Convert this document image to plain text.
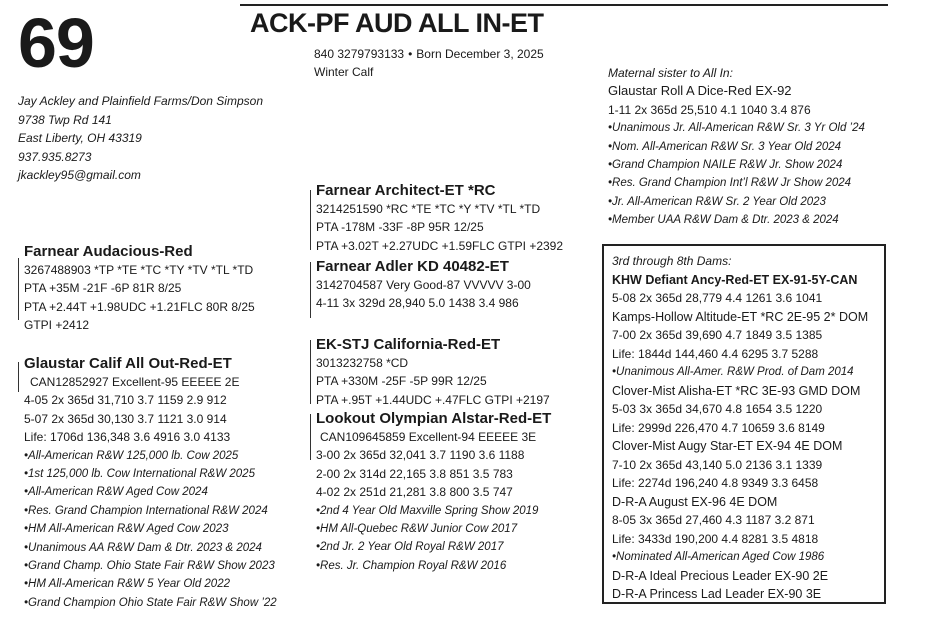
69	ACK-PF AUD ALL IN-ET
840 3279793133 • Born December 3, 2025
Winter Calf
Jay Ackley and Plainfield Farms/Don Simpson
9738 Twp Rd 141
East Liberty, OH 43319
937.935.8273
jkackley95@gmail.com
Farnear Architect-ET *RC
3214251590 *RC *TE *TC *Y *TV *TL *TD
PTA -178M -33F -8P 95R 12/25
PTA +3.02T +2.27UDC +1.59FLC GTPI +2392
Farnear Adler KD 40482-ET
3142704587 Very Good-87 VVVVV 3-00
4-11 3x 329d 28,940 5.0 1438 3.4 986
Farnear Audacious-Red
3267488903 *TP *TE *TC *TY *TV *TL *TD
PTA +35M -21F -6P 81R 8/25
PTA +2.44T +1.98UDC +1.21FLC 80R 8/25
GTPI +2412
Glaustar Calif All Out-Red-ET
CAN12852927 Excellent-95 EEEEE 2E
4-05 2x 365d 31,710 3.7 1159 2.9 912
5-07 2x 365d 30,130 3.7 1121 3.0 914
Life: 1706d 136,348 3.6 4916 3.0 4133
•All-American R&W 125,000 lb. Cow 2025
•1st 125,000 lb. Cow International R&W 2025
•All-American R&W Aged Cow 2024
•Res. Grand Champion International R&W 2024
•HM All-American R&W Aged Cow 2023
•Unanimous AA R&W Dam & Dtr. 2023 & 2024
•Grand Champ. Ohio State Fair R&W Show 2023
•HM All-American R&W 5 Year Old 2022
•Grand Champion Ohio State Fair R&W Show ’22
EK-STJ California-Red-ET
3013232758 *CD
PTA +330M -25F -5P 99R 12/25
PTA +.95T +1.44UDC +.47FLC GTPI +2197
Lookout Olympian Alstar-Red-ET
CAN109645859 Excellent-94 EEEEE 3E
3-00 2x 365d 32,041 3.7 1190 3.6 1188
2-00 2x 314d 22,165 3.8 851 3.5 783
4-02 2x 251d 21,281 3.8 800 3.5 747
•2nd 4 Year Old Maxville Spring Show 2019
•HM All-Quebec R&W Junior Cow 2017
•2nd Jr. 2 Year Old Royal R&W 2017
•Res. Jr. Champion Royal R&W 2016
Maternal sister to All In:
Glaustar Roll A Dice-Red EX-92
1-11 2x 365d 25,510 4.1 1040 3.4 876
•Unanimous Jr. All-American R&W Sr. 3 Yr Old ’24
•Nom. All-American R&W Sr. 3 Year Old 2024
•Grand Champion NAILE R&W Jr. Show 2024
•Res. Grand Champion Int’l R&W Jr Show 2024
•Jr. All-American R&W Sr. 2 Year Old 2023
•Member UAA R&W Dam & Dtr. 2023 & 2024
3rd through 8th Dams:
KHW Defiant Ancy-Red-ET EX-91-5Y-CAN
5-08 2x 365d 28,779 4.4 1261 3.6 1041
Kamps-Hollow Altitude-ET *RC 2E-95 2* DOM
7-00 2x 365d 39,690 4.7 1849 3.5 1385
Life: 1844d 144,460 4.4 6295 3.7 5288
•Unanimous All-Amer. R&W Prod. of Dam 2014
Clover-Mist Alisha-ET *RC 3E-93 GMD DOM
5-03 3x 365d 34,670 4.8 1654 3.5 1220
Life: 2999d 226,470 4.7 10659 3.6 8149
Clover-Mist Augy Star-ET EX-94 4E DOM
7-10 2x 365d 43,140 5.0 2136 3.1 1339
Life: 2274d 196,240 4.8 9349 3.3 6458
D-R-A August EX-96 4E DOM
8-05 3x 365d 27,460 4.3 1187 3.2 871
Life: 3433d 190,200 4.4 8281 3.5 4818
•Nominated All-American Aged Cow 1986
D-R-A Ideal Precious Leader EX-90 2E
D-R-A Princess Lad Leader EX-90 3E
